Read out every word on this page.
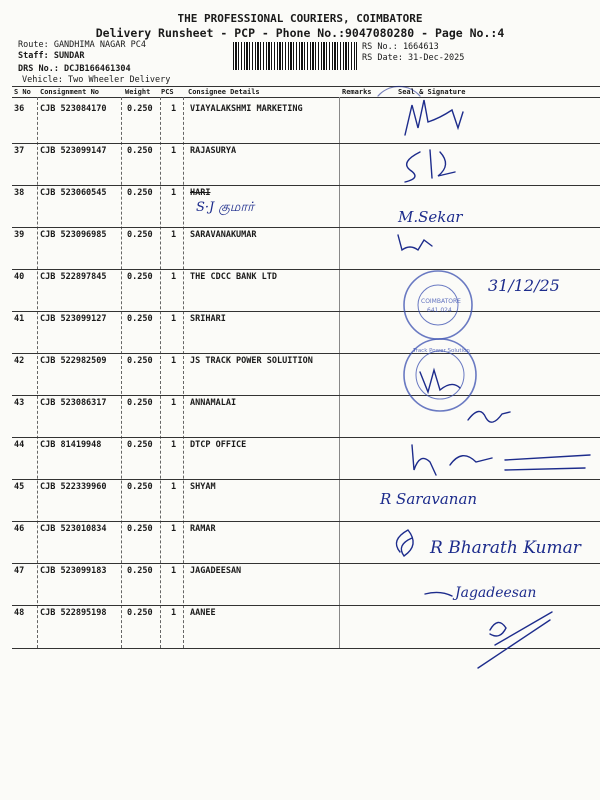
THE PROFESSIONAL COURIERS, COIMBATORE
Delivery Runsheet - PCP - Phone No.:9047080280 - Page No.:4
Route: GANDHIMA NAGAR PC4
Staff: SUNDAR
DRS No.: DCJB166461304
Vehicle: Two Wheeler Delivery
RS No.: 1664613
RS Date: 31-Dec-2025
S No Consignment No	Weight PCS Consignee Details	Remarks	Seal & Signature
36 CJB 523084170 0.250 1 VIAYALAKSHMI MARKETING
37 CJB 523099147 0.250 1 RAJASURYA
38 CJB 523060545 0.250 1 HARI
39 CJB 523096985 0.250 1 SARAVANAKUMAR
40 CJB 522897845 0.250 1 THE CDCC BANK LTD
41 CJB 523099127 0.250 1 SRIHARI
42 CJB 522982509 0.250 1 JS TRACK POWER SOLUITION
43 CJB 523086317 0.250 1 ANNAMALAI
44 CJB 81419948	0.250 1 DTCP OFFICE
45 CJB 522339960 0.250 1 SHYAM
46 CJB 523010834 0.250 1 RAMAR
47 CJB 523099183 0.250 1 JAGADEESAN
48 CJB 522895198 0.250 1 AANEE
COIMBATORE
641 024
Track Power Solution
S·J குமார்
M.Sekar
31/12/25
R Saravanan
R Bharath Kumar
Jagadeesan
